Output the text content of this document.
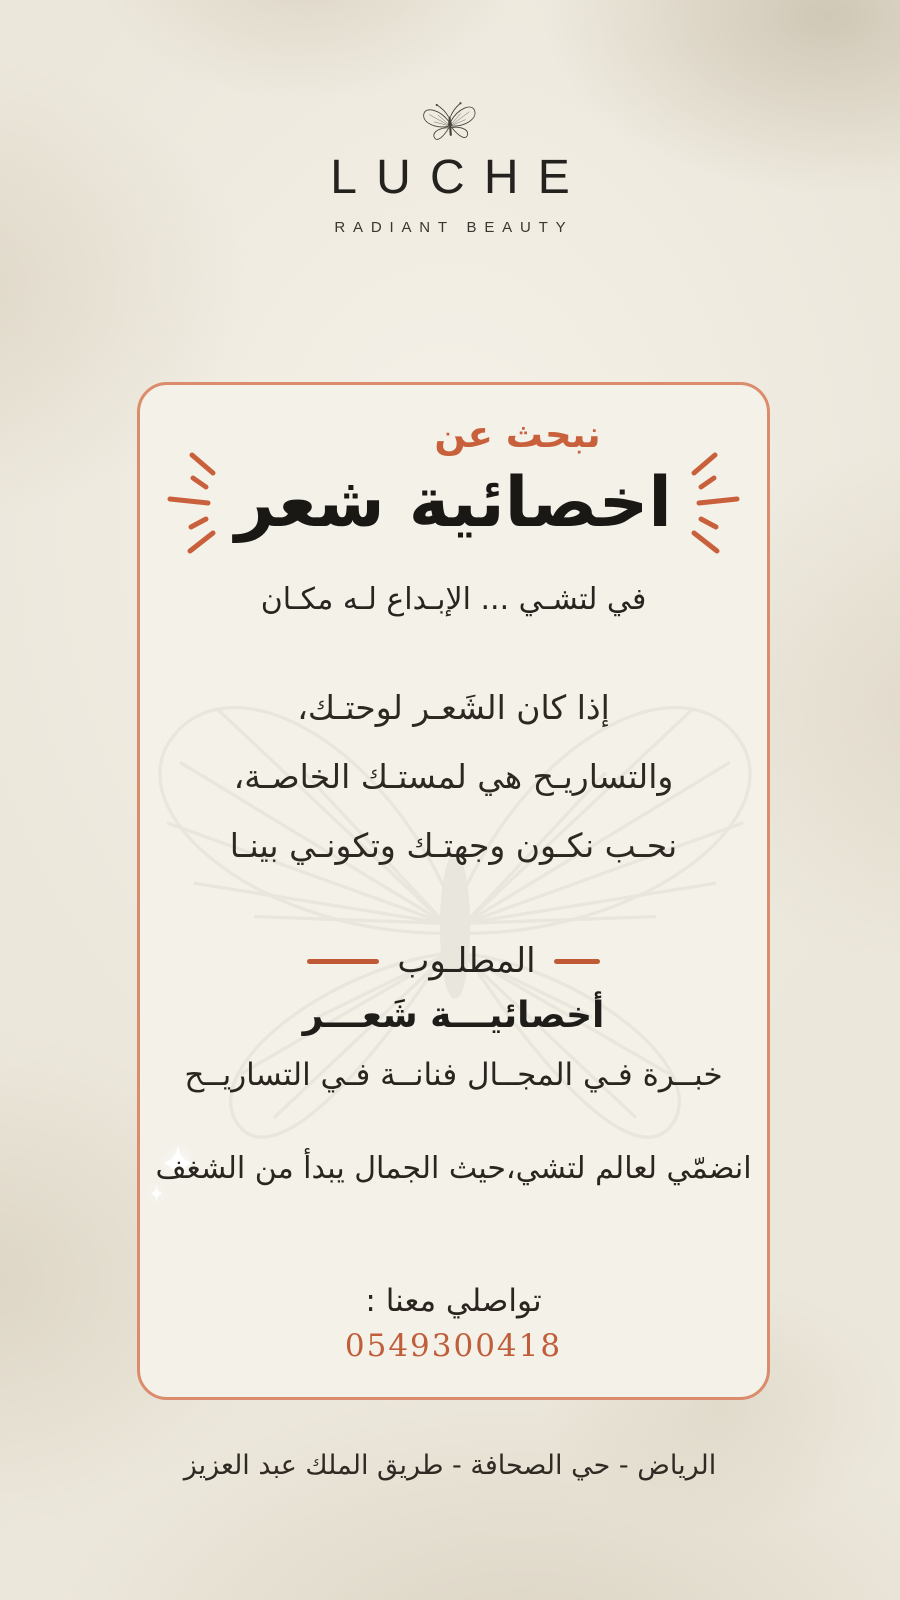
LUCHE
RADIANT BEAUTY
نبحث عن
اخصائية شعر
في لتشـي ... الإبـداع لـه مكـان
إذا كان الشَعـر لوحتـك،
والتساريـح هي لمستـك الخاصـة،
نحـب نكـون وجهتـك وتكونـي بينـا
المطلـوب
أخصائيـــة شَعـــر
خبــرة فـي المجــال فنانــة فـي التساريــح
انضمّي لعالم لتشي،حيث الجمال يبدأ من الشغف
تواصلي معنا :
0549300418
الرياض - حي الصحافة - طريق الملك عبد العزيز
